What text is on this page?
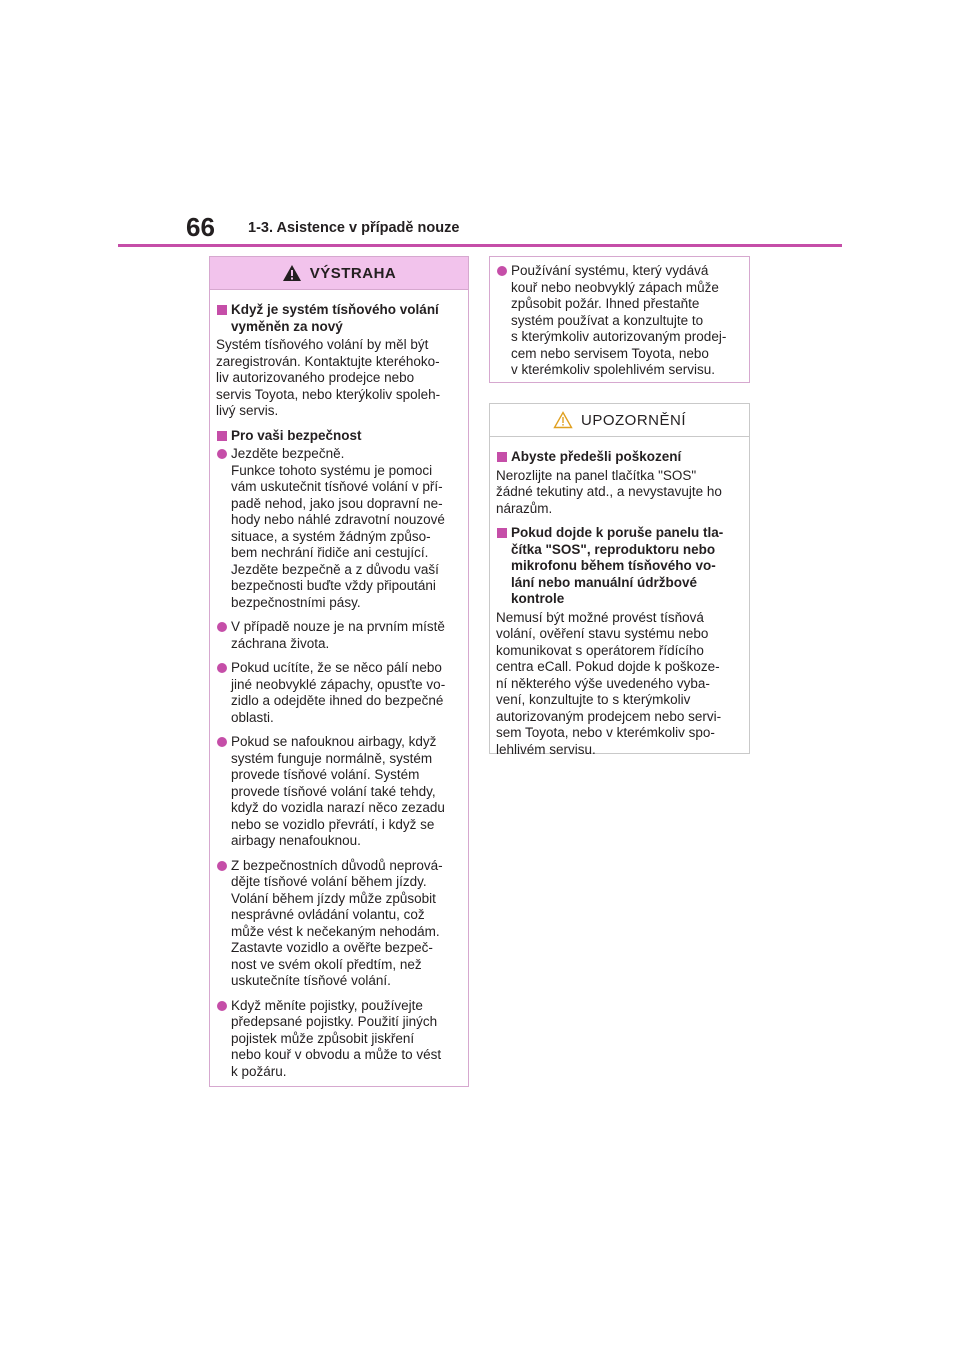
66 1-3. Asistence v případě nouze
VÝSTRAHA
Když je systém tísňového volání
vyměněn za nový
Systém tísňového volání by měl být
zaregistrován. Kontaktujte kteréhoko-
liv autorizovaného prodejce nebo
servis Toyota, nebo kterýkoliv spoleh-
livý servis.
Pro vaši bezpečnost
Jezděte bezpečně.
Funkce tohoto systému je pomoci
vám uskutečnit tísňové volání v pří-
padě nehod, jako jsou dopravní ne-
hody nebo náhlé zdravotní nouzové
situace, a systém žádným způso-
bem nechrání řidiče ani cestující.
Jezděte bezpečně a z důvodu vaší
bezpečnosti buďte vždy připoutáni
bezpečnostními pásy.
V případě nouze je na prvním místě
záchrana života.
Pokud ucítíte, že se něco pálí nebo
jiné neobvyklé zápachy, opusťte vo-
zidlo a odejděte ihned do bezpečné
oblasti.
Pokud se nafouknou airbagy, když
systém funguje normálně, systém
provede tísňové volání. Systém
provede tísňové volání také tehdy,
když do vozidla narazí něco zezadu
nebo se vozidlo převrátí, i když se
airbagy nenafouknou.
Z bezpečnostních důvodů neprová-
dějte tísňové volání během jízdy.
Volání během jízdy může způsobit
nesprávné ovládání volantu, což
může vést k nečekaným nehodám.
Zastavte vozidlo a ověřte bezpeč-
nost ve svém okolí předtím, než
uskutečníte tísňové volání.
Když měníte pojistky, používejte
předepsané pojistky. Použití jiných
pojistek může způsobit jiskření
nebo kouř v obvodu a může to vést
k požáru.
Používání systému, který vydává
kouř nebo neobvyklý zápach může
způsobit požár. Ihned přestaňte
systém používat a konzultujte to
s kterýmkoliv autorizovaným prodej-
cem nebo servisem Toyota, nebo
v kterémkoliv spolehlivém servisu.
UPOZORNĚNÍ
Abyste předešli poškození
Nerozlijte na panel tlačítka "SOS"
žádné tekutiny atd., a nevystavujte ho
nárazům.
Pokud dojde k poruše panelu tla-
čítka "SOS", reproduktoru nebo
mikrofonu během tísňového vo-
lání nebo manuální údržbové
kontrole
Nemusí být možné provést tísňová
volání, ověření stavu systému nebo
komunikovat s operátorem řídícího
centra eCall. Pokud dojde k poškoze-
ní některého výše uvedeného vyba-
vení, konzultujte to s kterýmkoliv
autorizovaným prodejcem nebo servi-
sem Toyota, nebo v kterémkoliv spo-
lehlivém servisu.
